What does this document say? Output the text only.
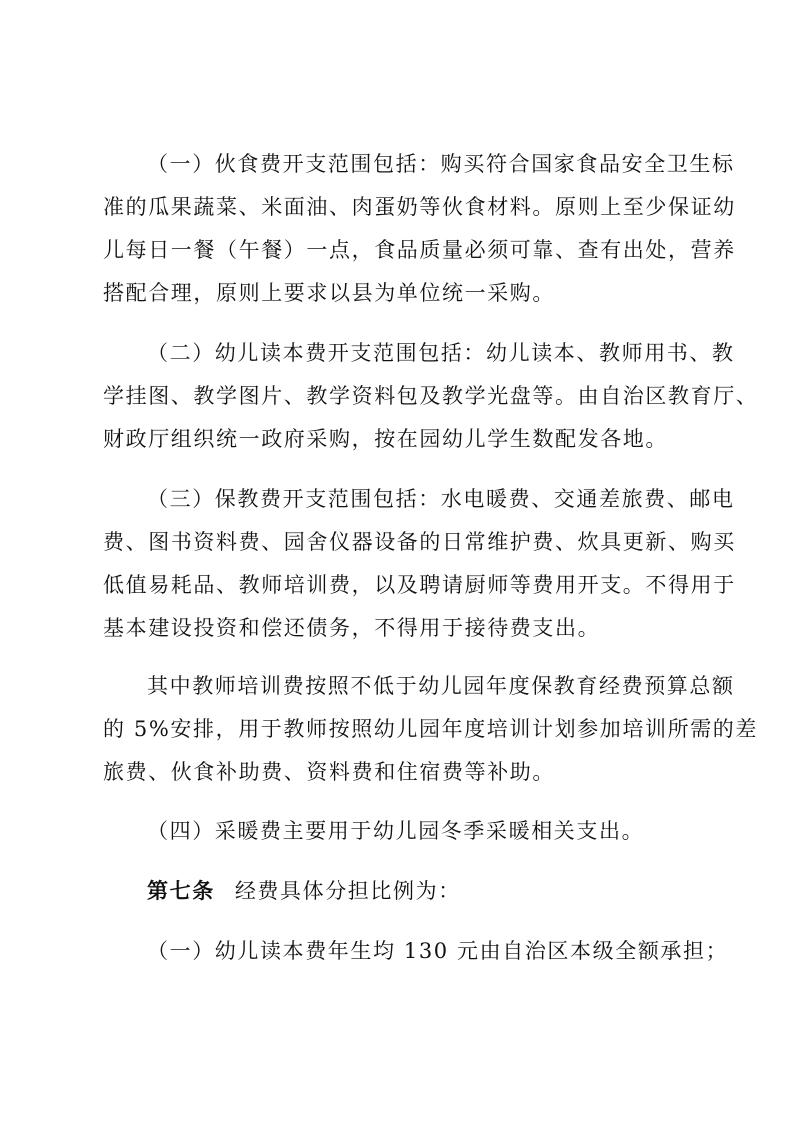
（一）伙食费开支范围包括：购买符合国家食品安全卫生标
准的瓜果蔬菜、米面油、肉蛋奶等伙食材料。原则上至少保证幼
儿每日一餐（午餐）一点，食品质量必须可靠、查有出处，营养
搭配合理，原则上要求以县为单位统一采购。
（二）幼儿读本费开支范围包括：幼儿读本、教师用书、教
学挂图、教学图片、教学资料包及教学光盘等。由自治区教育厅、
财政厅组织统一政府采购，按在园幼儿学生数配发各地。
（三）保教费开支范围包括：水电暖费、交通差旅费、邮电
费、图书资料费、园舍仪器设备的日常维护费、炊具更新、购买
低值易耗品、教师培训费，以及聘请厨师等费用开支。不得用于
基本建设投资和偿还债务，不得用于接待费支出。
其中教师培训费按照不低于幼儿园年度保教育经费预算总额
的 5%安排，用于教师按照幼儿园年度培训计划参加培训所需的差
旅费、伙食补助费、资料费和住宿费等补助。
（四）采暖费主要用于幼儿园冬季采暖相关支出。
第七条 经费具体分担比例为：
（一）幼儿读本费年生均 130 元由自治区本级全额承担；
